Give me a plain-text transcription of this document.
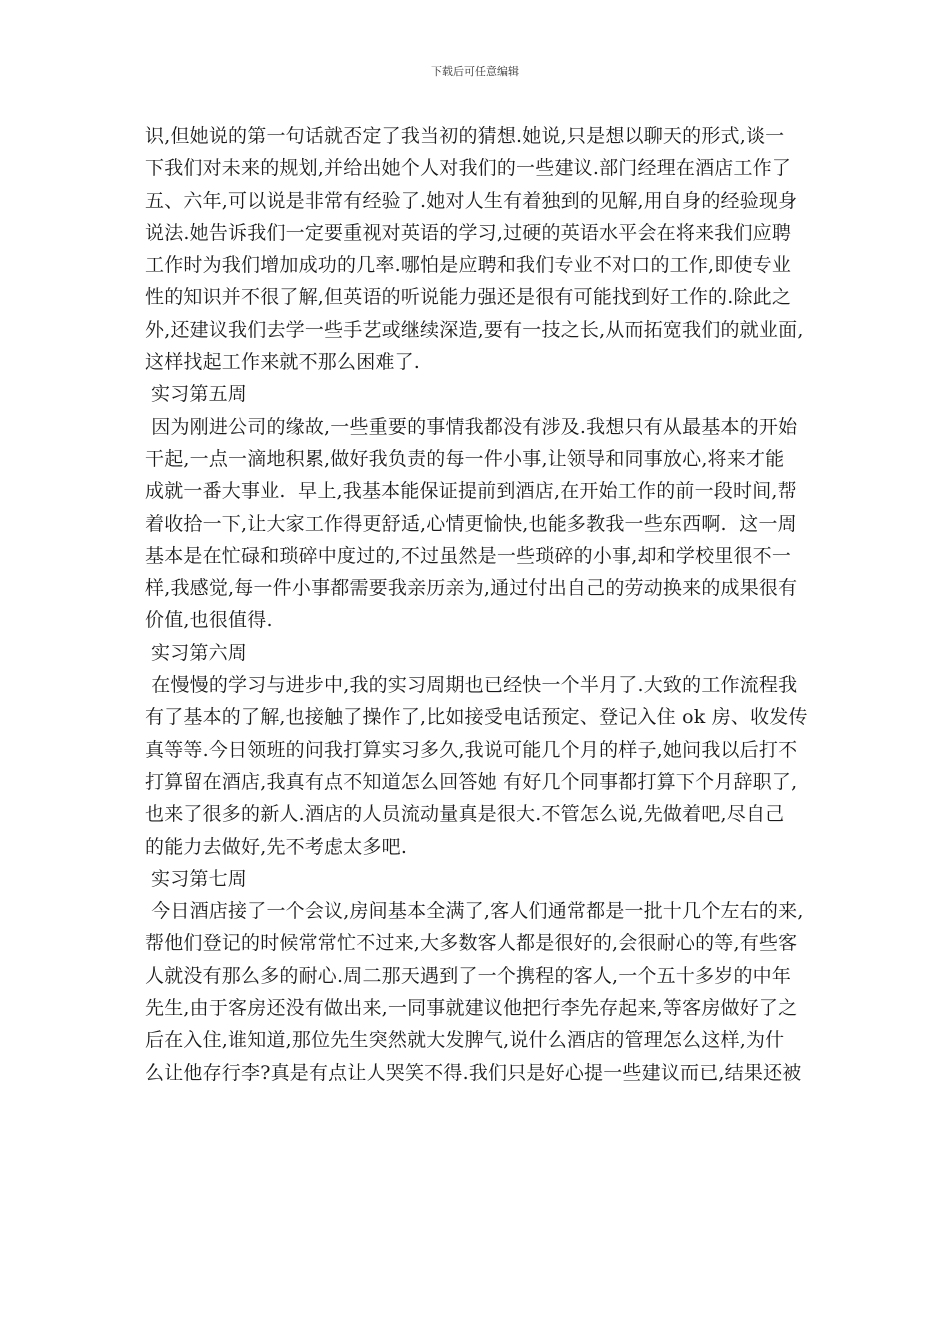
下载后可任意编辑
识,但她说的第一句话就否定了我当初的猜想.她说,只是想以聊天的形式,谈一
下我们对未来的规划,并给出她个人对我们的一些建议.部门经理在酒店工作了
五、六年,可以说是非常有经验了.她对人生有着独到的见解,用自身的经验现身
说法.她告诉我们一定要重视对英语的学习,过硬的英语水平会在将来我们应聘
工作时为我们增加成功的几率.哪怕是应聘和我们专业不对口的工作,即使专业
性的知识并不很了解,但英语的听说能力强还是很有可能找到好工作的.除此之
外,还建议我们去学一些手艺或继续深造,要有一技之长,从而拓宽我们的就业面,
这样找起工作来就不那么困难了.
实习第五周
因为刚进公司的缘故,一些重要的事情我都没有涉及.我想只有从最基本的开始
干起,一点一滴地积累,做好我负责的每一件小事,让领导和同事放心,将来才能
成就一番大事业.  早上,我基本能保证提前到酒店,在开始工作的前一段时间,帮
着收拾一下,让大家工作得更舒适,心情更愉快,也能多教我一些东西啊.  这一周
基本是在忙碌和琐碎中度过的,不过虽然是一些琐碎的小事,却和学校里很不一
样,我感觉,每一件小事都需要我亲历亲为,通过付出自己的劳动换来的成果很有
价值,也很值得.
实习第六周
在慢慢的学习与进步中,我的实习周期也已经快一个半月了.大致的工作流程我
有了基本的了解,也接触了操作了,比如接受电话预定、登记入住 ok 房、收发传
真等等.今日领班的问我打算实习多久,我说可能几个月的样子,她问我以后打不
打算留在酒店,我真有点不知道怎么回答她 有好几个同事都打算下个月辞职了,
也来了很多的新人.酒店的人员流动量真是很大.不管怎么说,先做着吧,尽自己
的能力去做好,先不考虑太多吧.
实习第七周
今日酒店接了一个会议,房间基本全满了,客人们通常都是一批十几个左右的来,
帮他们登记的时候常常忙不过来,大多数客人都是很好的,会很耐心的等,有些客
人就没有那么多的耐心.周二那天遇到了一个携程的客人,一个五十多岁的中年
先生,由于客房还没有做出来,一同事就建议他把行李先存起来,等客房做好了之
后在入住,谁知道,那位先生突然就大发脾气,说什么酒店的管理怎么这样,为什
么让他存行李?真是有点让人哭笑不得.我们只是好心提一些建议而已,结果还被
